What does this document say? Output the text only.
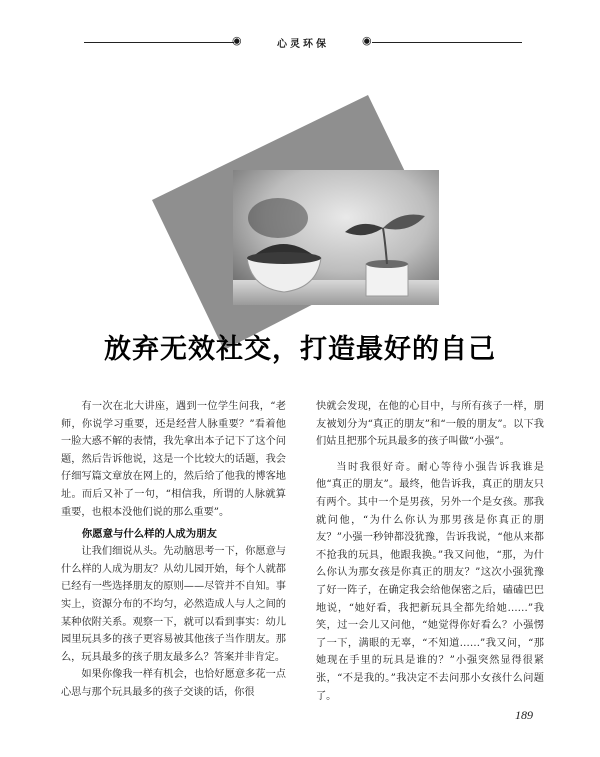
◉	心灵环保	◉
放弃无效社交，打造最好的自己

有一次在北大讲座，遇到一位学生问我，“老师，你说学习重要，还是经营人脉重要？”看着他一脸大惑不解的表情，我先拿出本子记下了这个问题，然后告诉他说，这是一个比较大的话题，我会仔细写篇文章放在网上的，然后给了他我的博客地址。而后又补了一句，“相信我，所谓的人脉就算重要，也根本没他们说的那么重要”。

你愿意与什么样的人成为朋友

让我们细说从头。先动脑思考一下，你愿意与什么样的人成为朋友？从幼儿园开始，每个人就都已经有一些选择朋友的原则——尽管并不自知。事实上，资源分布的不均匀，必然造成人与人之间的某种依附关系。观察一下，就可以看到事实：幼儿园里玩具多的孩子更容易被其他孩子当作朋友。那么，玩具最多的孩子朋友最多么？答案并非肯定。

如果你像我一样有机会，也恰好愿意多花一点心思与那个玩具最多的孩子交谈的话，你很

快就会发现，在他的心目中，与所有孩子一样，朋友被划分为“真正的朋友”和“一般的朋友”。以下我们姑且把那个玩具最多的孩子叫做“小强”。

当时我很好奇。耐心等待小强告诉我谁是他“真正的朋友”。最终，他告诉我，真正的朋友只有两个。其中一个是男孩，另外一个是女孩。那我就问他，“为什么你认为那男孩是你真正的朋友？”小强一秒钟都没犹豫，告诉我说，“他从来都不抢我的玩具，他跟我换。”我又问他，“那，为什么你认为那女孩是你真正的朋友？”这次小强犹豫了好一阵子，在确定我会给他保密之后，磕磕巴巴地说，“她好看，我把新玩具全都先给她……”我笑，过一会儿又问他，“她觉得你好看么？小强愣了一下，满眼的无辜，“不知道……”我又问，“那她现在手里的玩具是谁的？”小强突然显得很紧张，“不是我的。”我决定不去问那小女孩什么问题了。

189
